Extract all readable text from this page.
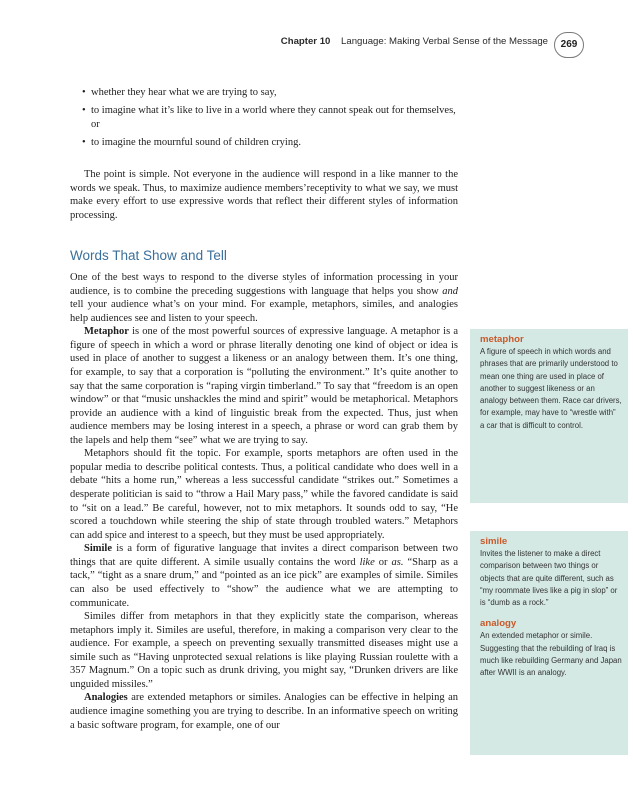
Chapter 10 Language: Making Verbal Sense of the Message	269
• whether they hear what we are trying to say,
• to imagine what it’s like to live in a world where they cannot speak out for themselves, or
• to imagine the mournful sound of children crying.

The point is simple. Not everyone in the audience will respond in a like manner to the words we speak. Thus, to maximize audience members’receptivity to what we say, we must make every effort to use expressive words that reflect their different styles of information processing.

Words That Show and Tell

One of the best ways to respond to the diverse styles of information processing in your audience, is to combine the preceding suggestions with language that helps you show and tell your audience what’s on your mind. For example, metaphors, similes, and analogies help audiences see and listen to your speech.

Metaphor is one of the most powerful sources of expressive language. A metaphor is a figure of speech in which a word or phrase literally denoting one kind of object or idea is used in place of another to suggest a likeness or an analogy between them. It’s one thing, for example, to say that a corporation is “polluting the environment.” It’s quite another to say that the same corporation is “raping virgin timberland.” To say that “freedom is an open window” or that “music unshackles the mind and spirit” would be metaphorical. Metaphors provide an audience with a kind of linguistic break from the expected. Thus, just when audience members may be losing interest in a speech, a phrase or word can grab them by the lapels and help them “see” what we are trying to say.

Metaphors should fit the topic. For example, sports metaphors are often used in the popular media to describe political contests. Thus, a political candidate who does well in a debate “hits a home run,” whereas a less successful candidate “strikes out.” Sometimes a desperate politician is said to “throw a Hail Mary pass,” while the favored candidate is said to “sit on a lead.” Be careful, however, not to mix metaphors. It sounds odd to say, “He scored a touchdown while steering the ship of state through troubled waters.” Metaphors can add spice and interest to a speech, but they must be used appropriately.

Simile is a form of figurative language that invites a direct comparison between two things that are quite different. A simile usually contains the word like or as. “Sharp as a tack,” “tight as a snare drum,” and “pointed as an ice pick” are examples of simile. Similes can also be used effectively to “show” the audience what we are attempting to communicate.

Similes differ from metaphors in that they explicitly state the comparison, whereas metaphors imply it. Similes are useful, therefore, in making a comparison very clear to the audience. For example, a speech on preventing sexually transmitted diseases might use a simile such as “Having unprotected sexual relations is like playing Russian roulette with a 357 Magnum.” On a topic such as drunk driving, you might say, “Drunken drivers are like unguided missiles.”

Analogies are extended metaphors or similes. Analogies can be effective in helping an audience imagine something you are trying to describe. In an informative speech on writing a basic software program, for example, one of our

metaphor

A figure of speech in which words and phrases that are primarily understood to mean one thing are used in place of another to suggest likeness or an analogy between them. Race car drivers, for example, may have to “wrestle with” a car that is difficult to control.

simile

Invites the listener to make a direct comparison between two things or objects that are quite different, such as “my roommate lives like a pig in slop” or is “dumb as a rock.”

analogy

An extended metaphor or simile. Suggesting that the rebuilding of Iraq is much like rebuilding Germany and Japan after WWII is an analogy.
